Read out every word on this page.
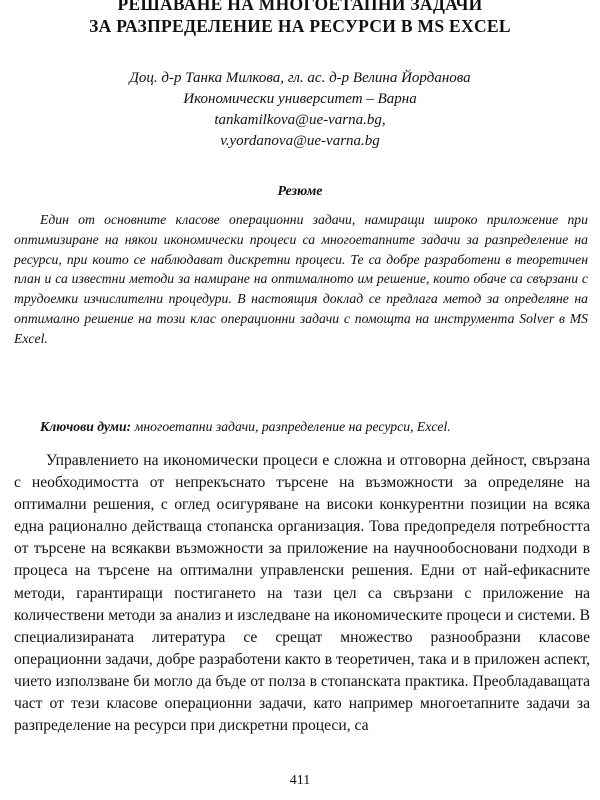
РЕШАВАНЕ НА МНОГОЕТАПНИ ЗАДАЧИ
ЗА РАЗПРЕДЕЛЕНИЕ НА РЕСУРСИ В MS EXCEL
Доц. д-р Танка Милкова, гл. ас. д-р Велина Йорданова
Икономически университет – Варна
tankamilkova@ue-varna.bg,
v.yordanova@ue-varna.bg
Резюме

Един от основните класове операционни задачи, намиращи широко приложение при оптимизиране на някои икономически процеси са многоетапните задачи за разпределение на ресурси, при които се наблюдават дискретни процеси. Те са добре разработени в теоретичен план и са известни методи за намиране на оптималното им решение, които обаче са свързани с трудоемки изчислителни процедури. В настоящия доклад се предлага метод за определяне на оптимално решение на този клас операционни задачи с помощта на инструмента Solver в MS Excel.

Ключови думи: многоетапни задачи, разпределение на ресурси, Excel.

Управлението на икономически процеси е сложна и отговорна дейност, свързана с необходимостта от непрекъснато търсене на възможности за определяне на оптимални решения, с оглед осигуряване на високи конкурентни позиции на всяка една рационално действаща стопанска организация. Това предопределя потребността от търсене на всякакви възможности за приложение на научнообосновани подходи в процеса на търсене на оптимални управленски решения. Едни от най-ефикасните методи, гарантиращи постигането на тази цел са свързани с приложение на количествени методи за анализ и изследване на икономическите процеси и системи. В специализираната литература се срещат множество разнообразни класове операционни задачи, добре разработени както в теоретичен, така и в приложен аспект, чието използване би могло да бъде от полза в стопанската практика. Преобладаващата част от тези класове операционни задачи, като например многоетапните задачи за разпределение на ресурси при дискретни процеси, са

411
